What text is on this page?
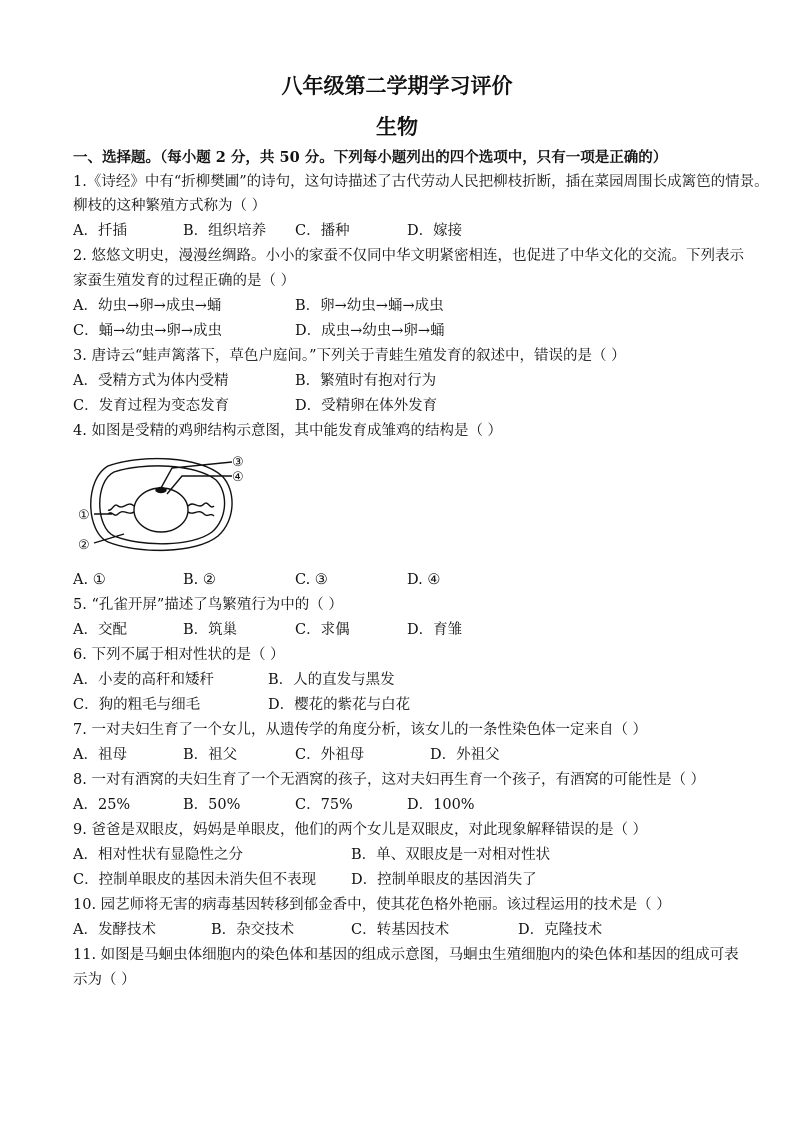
八年级第二学期学习评价
生物
一、选择题。（每小题 2 分，共 50 分。下列每小题列出的四个选项中，只有一项是正确的）
1.《诗经》中有“折柳樊圃”的诗句，这句诗描述了古代劳动人民把柳枝折断，插在菜园周围长成篱笆的情景。
柳枝的这种繁殖方式称为（ ）
A．扦插	B．组织培养 C．播种	D．嫁接
2. 悠悠文明史，漫漫丝绸路。小小的家蚕不仅同中华文明紧密相连，也促进了中华文化的交流。下列表示
家蚕生殖发育的过程正确的是（ ）
A．幼虫→卵→成虫→蛹	B．卵→幼虫→蛹→成虫
C．蛹→幼虫→卵→成虫	D．成虫→幼虫→卵→蛹
3. 唐诗云“蛙声篱落下，草色户庭间。”下列关于青蛙生殖发育的叙述中，错误的是（ ）
A．受精方式为体内受精	B．繁殖时有抱对行为
C．发育过程为变态发育	D．受精卵在体外发育
4. 如图是受精的鸡卵结构示意图，其中能发育成雏鸡的结构是（ ）
①
②
③
④
A. ①	B. ②	C. ③	D. ④
5. “孔雀开屏”描述了鸟繁殖行为中的（ ）
A．交配	B．筑巢	C．求偶	D．育雏
6. 下列不属于相对性状的是（ ）
A．小麦的高秆和矮秆	B．人的直发与黑发
C．狗的粗毛与细毛	D．樱花的紫花与白花
7. 一对夫妇生育了一个女儿，从遗传学的角度分析，该女儿的一条性染色体一定来自（ ）
A．祖母	B．祖父	C．外祖母	D．外祖父
8. 一对有酒窝的夫妇生育了一个无酒窝的孩子，这对夫妇再生育一个孩子，有酒窝的可能性是（ ）
A．25%	B．50%	C．75%	D．100%
9. 爸爸是双眼皮，妈妈是单眼皮，他们的两个女儿是双眼皮，对此现象解释错误的是（ ）
A．相对性状有显隐性之分	B．单、双眼皮是一对相对性状
C．控制单眼皮的基因未消失但不表现 D．控制单眼皮的基因消失了
10. 园艺师将无害的病毒基因转移到郁金香中，使其花色格外艳丽。该过程运用的技术是（ ）
A．发酵技术	B．杂交技术	C．转基因技术	D．克隆技术
11. 如图是马蛔虫体细胞内的染色体和基因的组成示意图，马蛔虫生殖细胞内的染色体和基因的组成可表
示为（ ）
